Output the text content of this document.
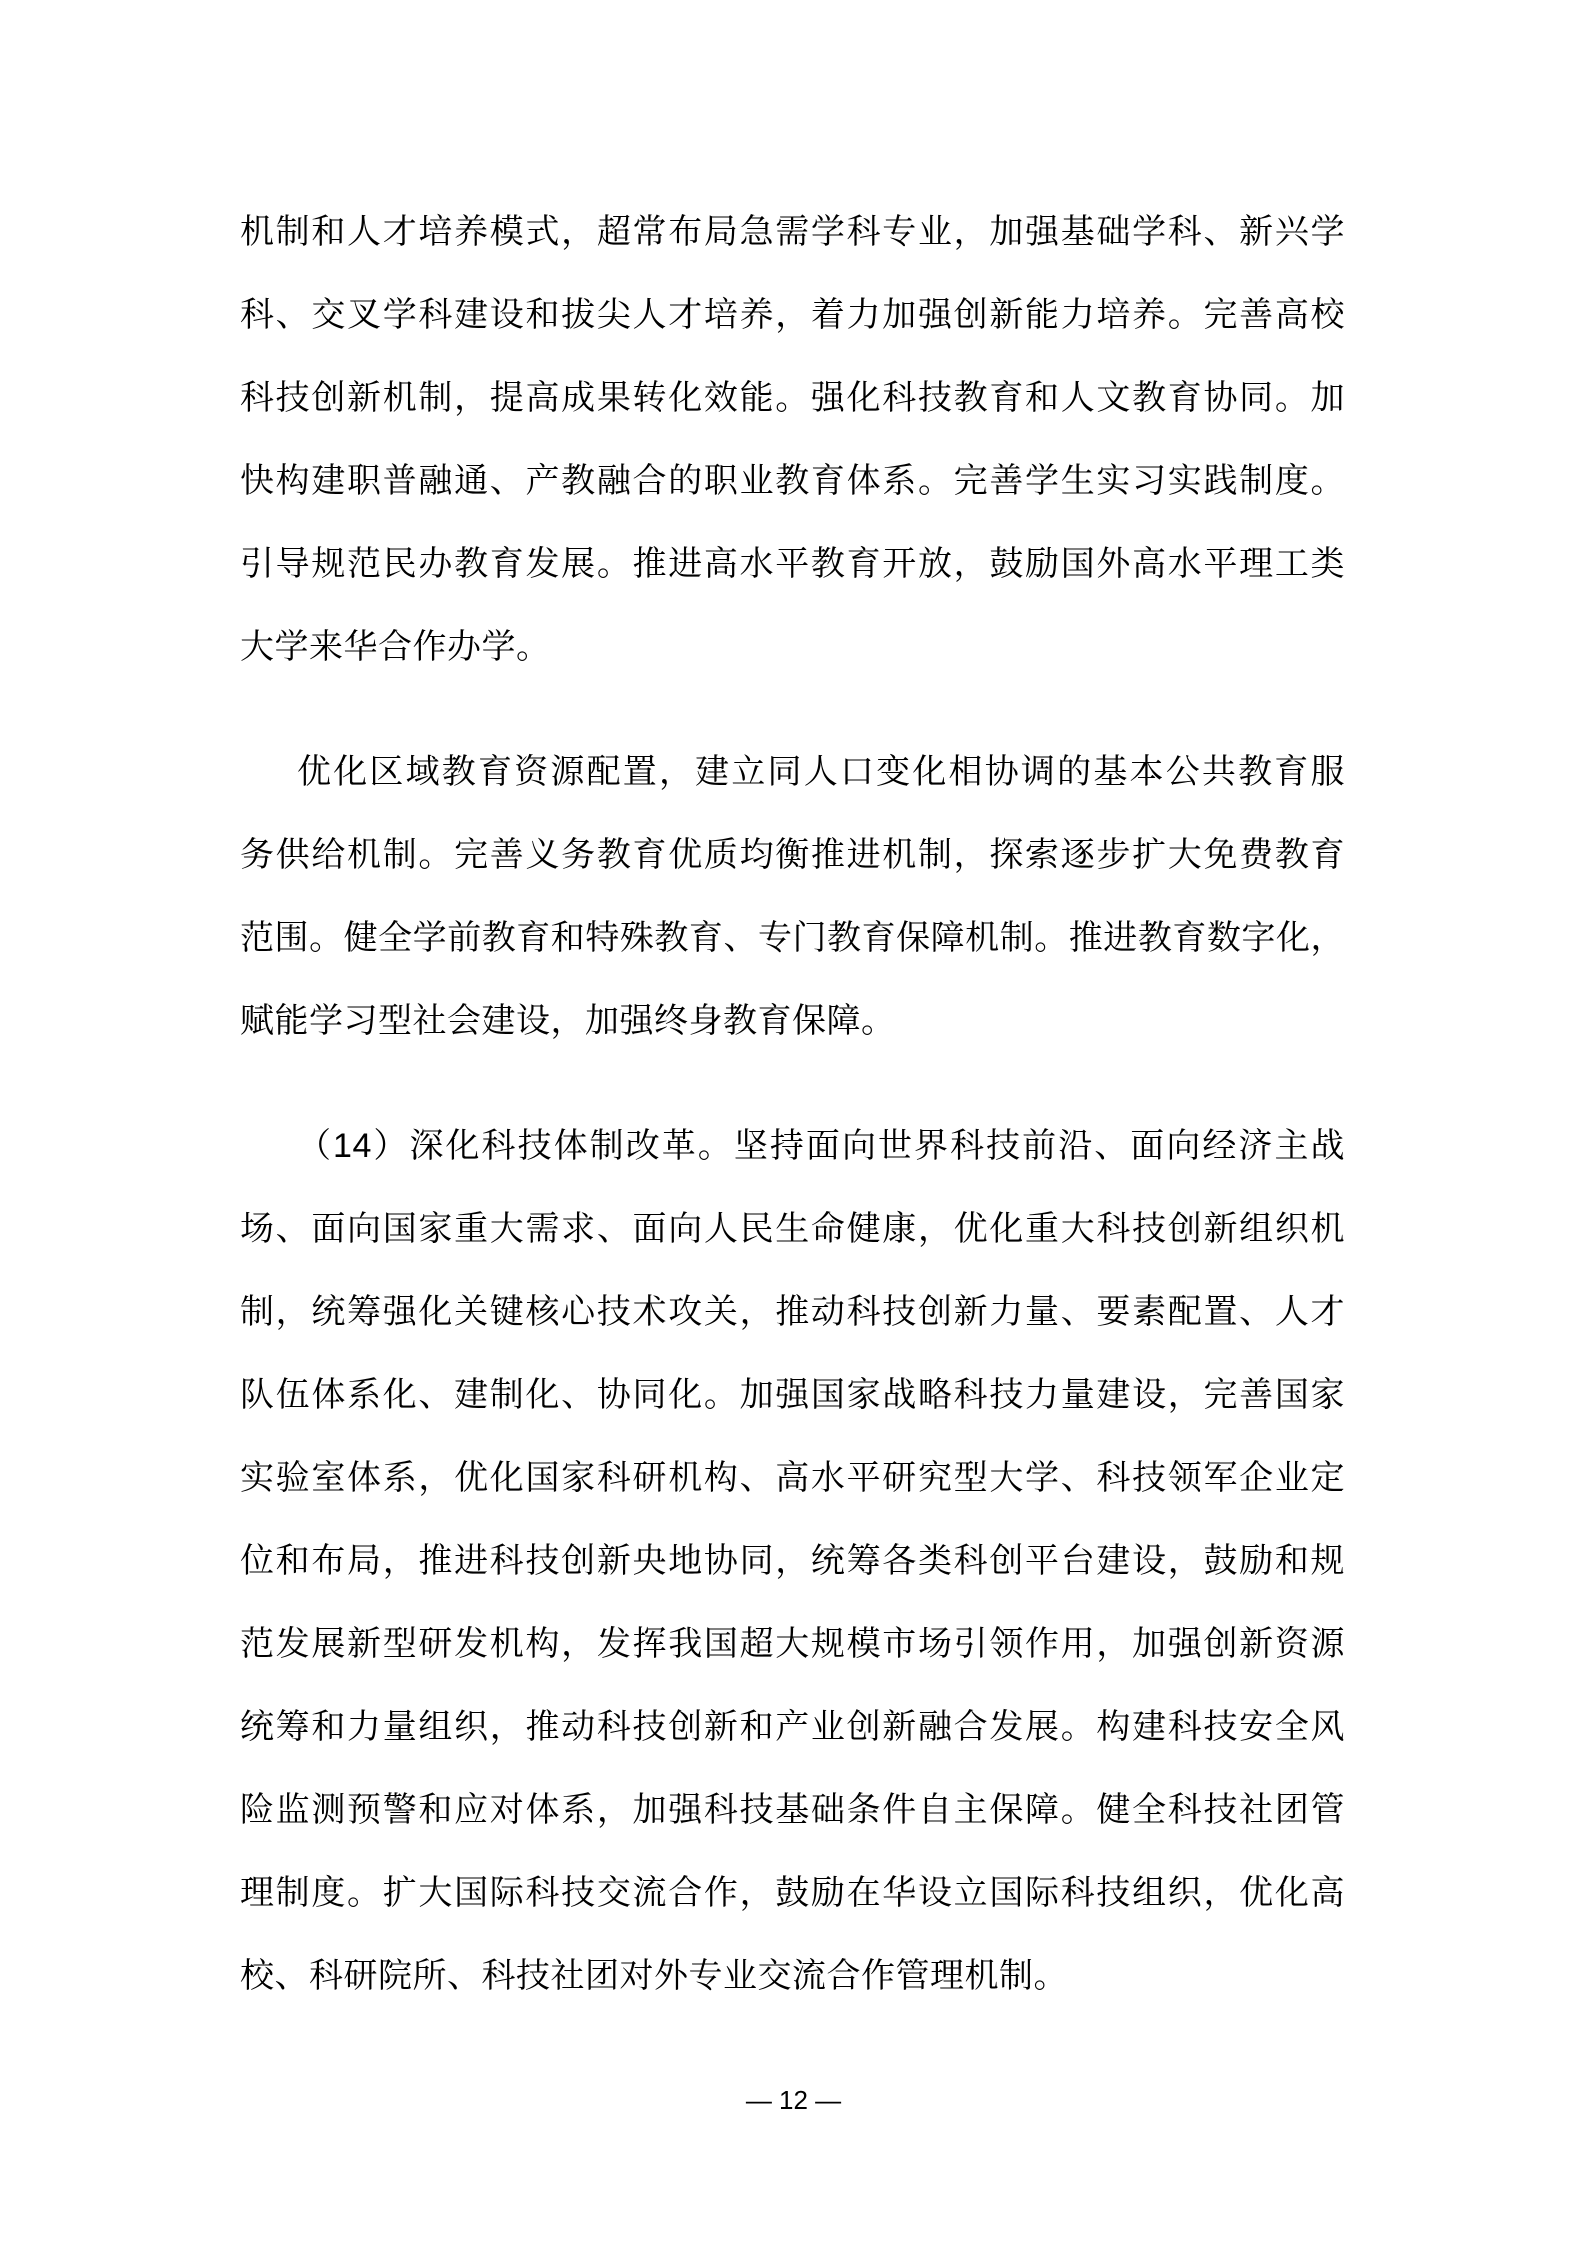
机制和人才培养模式，超常布局急需学科专业，加强基础学科、新兴学
科、交叉学科建设和拔尖人才培养，着力加强创新能力培养。完善高校
科技创新机制，提高成果转化效能。强化科技教育和人文教育协同。加
快构建职普融通、产教融合的职业教育体系。完善学生实习实践制度。
引导规范民办教育发展。推进高水平教育开放，鼓励国外高水平理工类
大学来华合作办学。
优化区域教育资源配置，建立同人口变化相协调的基本公共教育服
务供给机制。完善义务教育优质均衡推进机制，探索逐步扩大免费教育
范围。健全学前教育和特殊教育、专门教育保障机制。推进教育数字化，
赋能学习型社会建设，加强终身教育保障。
（14）深化科技体制改革。坚持面向世界科技前沿、面向经济主战
场、面向国家重大需求、面向人民生命健康，优化重大科技创新组织机
制，统筹强化关键核心技术攻关，推动科技创新力量、要素配置、人才
队伍体系化、建制化、协同化。加强国家战略科技力量建设，完善国家
实验室体系，优化国家科研机构、高水平研究型大学、科技领军企业定
位和布局，推进科技创新央地协同，统筹各类科创平台建设，鼓励和规
范发展新型研发机构，发挥我国超大规模市场引领作用，加强创新资源
统筹和力量组织，推动科技创新和产业创新融合发展。构建科技安全风
险监测预警和应对体系，加强科技基础条件自主保障。健全科技社团管
理制度。扩大国际科技交流合作，鼓励在华设立国际科技组织，优化高
校、科研院所、科技社团对外专业交流合作管理机制。
— 12 —
